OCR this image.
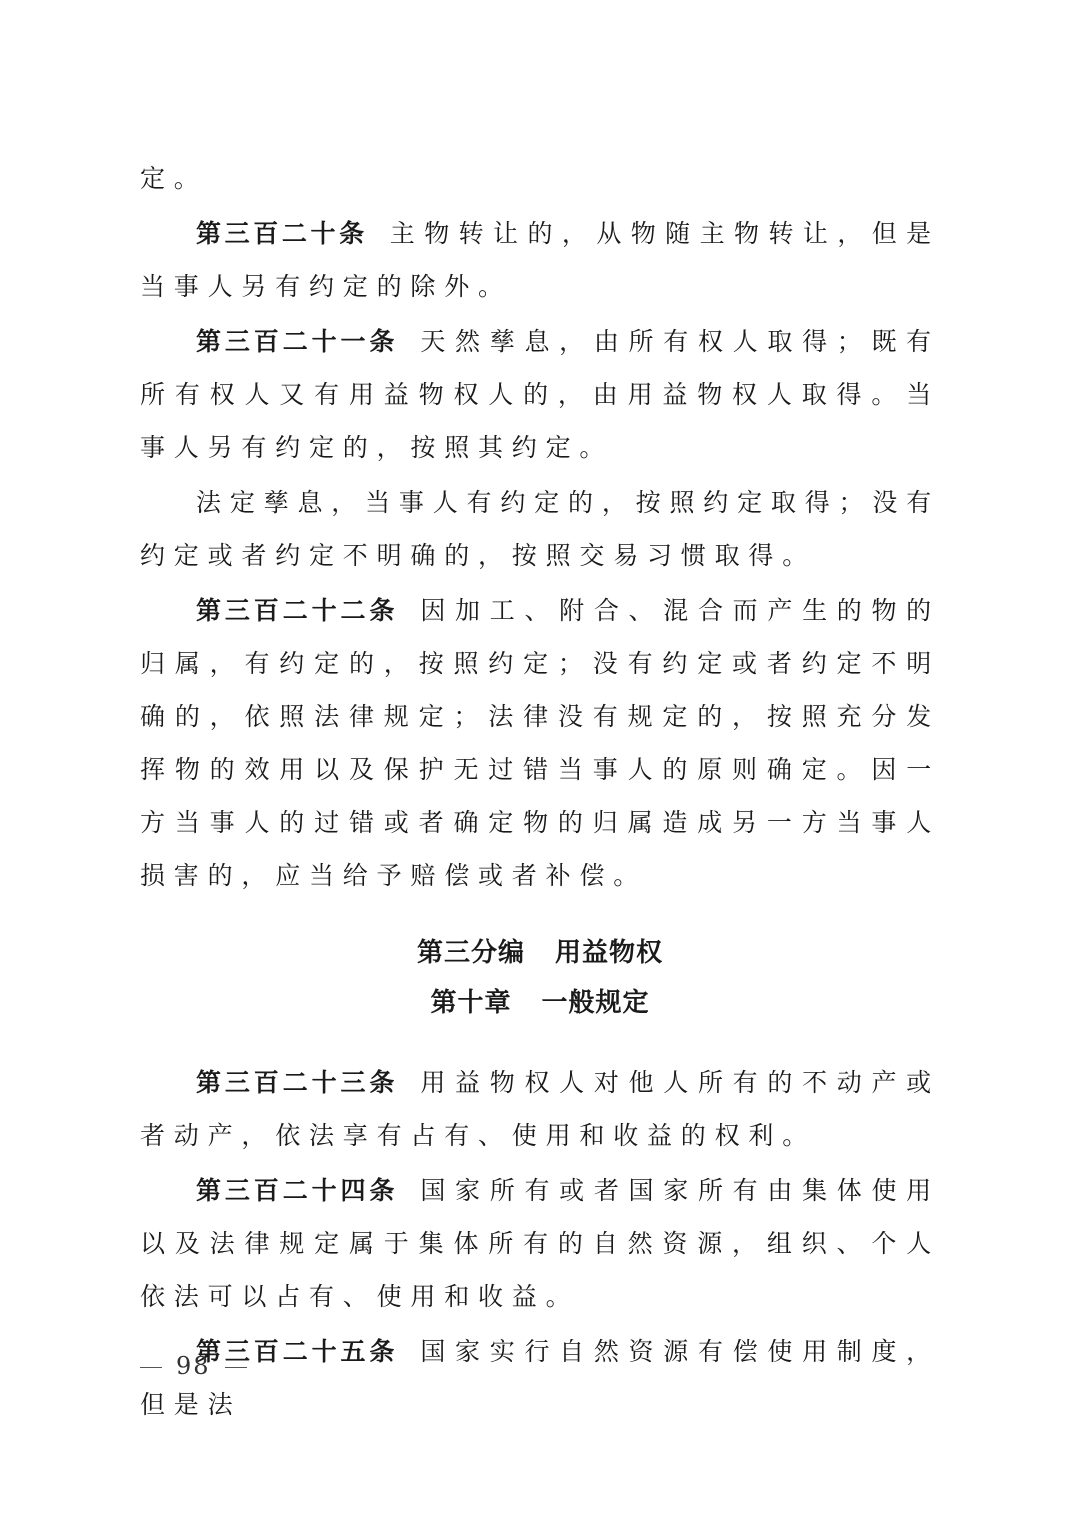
定。

第三百二十条 主物转让的，从物随主物转让，但是当事人另有约定的除外。

第三百二十一条 天然孳息，由所有权人取得；既有所有权人又有用益物权人的，由用益物权人取得。当事人另有约定的，按照其约定。

法定孳息，当事人有约定的，按照约定取得；没有约定或者约定不明确的，按照交易习惯取得。

第三百二十二条 因加工、附合、混合而产生的物的归属，有约定的，按照约定；没有约定或者约定不明确的，依照法律规定；法律没有规定的，按照充分发挥物的效用以及保护无过错当事人的原则确定。因一方当事人的过错或者确定物的归属造成另一方当事人损害的，应当给予赔偿或者补偿。

第三分编 用益物权

第十章 一般规定

第三百二十三条 用益物权人对他人所有的不动产或者动产，依法享有占有、使用和收益的权利。

第三百二十四条 国家所有或者国家所有由集体使用以及法律规定属于集体所有的自然资源，组织、个人依法可以占有、使用和收益。

第三百二十五条 国家实行自然资源有偿使用制度，但是法

98
